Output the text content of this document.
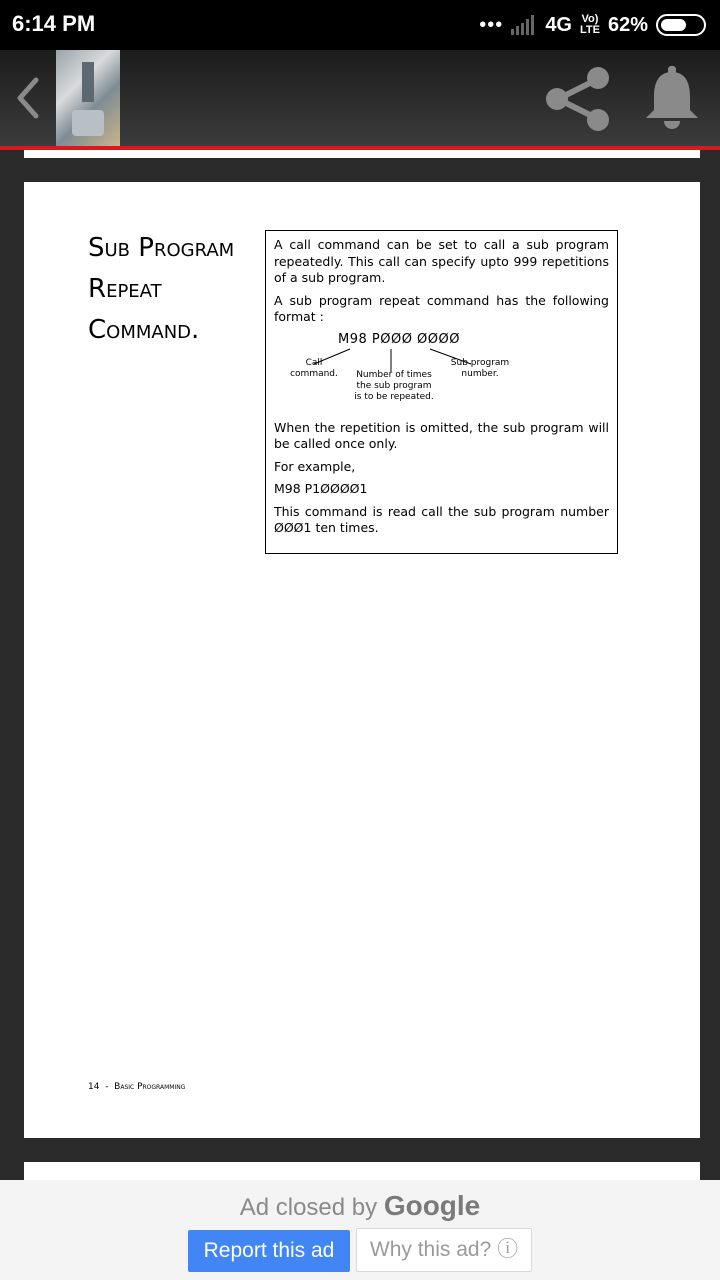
6:14 PM	••• 4G Vo)
LTE 62%
Sub Program
Repeat
Command.

A call command can be set to call a sub program repeatedly. This call can specify upto 999 repetitions of a sub program.

A sub program repeat command has the following format :

M98 PØØØ ØØØØ
Call command. Number of times the sub program is to be repeated.
Sub program number.

When the repetition is omitted, the sub program will be called once only.

For example,

M98 P1ØØØØ1

This command is read call the sub program number ØØØ1 ten times.

14 - Basic Programming
Ad closed by Google
Report this ad	Why this ad? ⓘ
